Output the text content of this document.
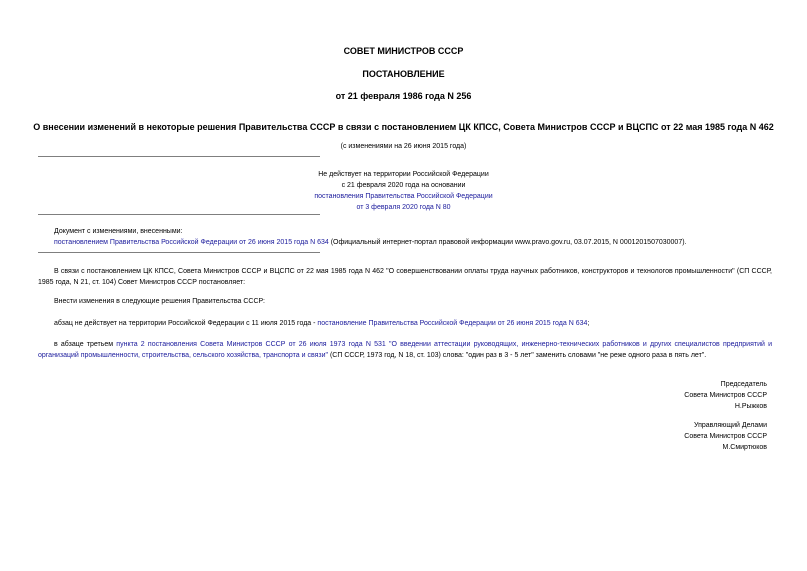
СОВЕТ МИНИСТРОВ СССР
ПОСТАНОВЛЕНИЕ
от 21 февраля 1986 года N 256
О внесении изменений в некоторые решения Правительства СССР в связи с постановлением ЦК КПСС, Совета Министров СССР и ВЦСПС от 22 мая 1985 года N 462
(с изменениями на 26 июня 2015 года)
Не действует на территории Российской Федерации
с 21 февраля 2020 года на основании
постановления Правительства Российской Федерации
от 3 февраля 2020 года N 80
Документ с изменениями, внесенными:
постановлением Правительства Российской Федерации от 26 июня 2015 года N 634 (Официальный интернет-портал правовой информации www.pravo.gov.ru, 03.07.2015, N 0001201507030007).
В связи с постановлением ЦК КПСС, Совета Министров СССР и ВЦСПС от 22 мая 1985 года N 462 "О совершенствовании оплаты труда научных работников, конструкторов и технологов промышленности" (СП СССР, 1985 года, N 21, ст. 104) Совет Министров СССР постановляет:
Внести изменения в следующие решения Правительства СССР:
абзац не действует на территории Российской Федерации с 11 июля 2015 года - постановление Правительства Российской Федерации от 26 июня 2015 года N 634;
в абзаце третьем пункта 2 постановления Совета Министров СССР от 26 июля 1973 года N 531 "О введении аттестации руководящих, инженерно-технических работников и других специалистов предприятий и организаций промышленности, строительства, сельского хозяйства, транспорта и связи" (СП СССР, 1973 год, N 18, ст. 103) слова: "один раз в 3 - 5 лет" заменить словами "не реже одного раза в пять лет".
Председатель
Совета Министров СССР
Н.Рыжков
Управляющий Делами
Совета Министров СССР
М.Смиртюков
